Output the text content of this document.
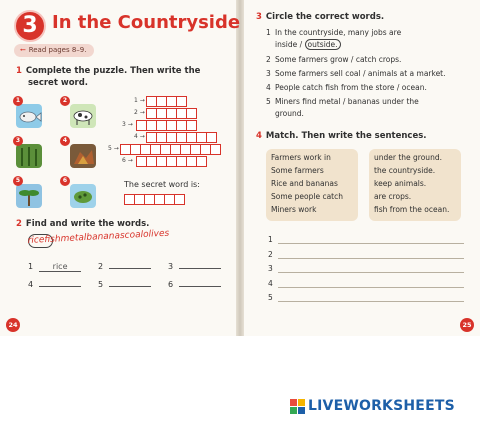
3 In the Countryside
🠀 Read pages 8–9.
1 Complete the puzzle. Then write the
secret word.
1	2
3	4
5	6
1 →
2 →
3 →
4 →
5 →
6 →
The secret word is:
2 Find and write the words.
ricefishmetalbananascoalolives
1 rice	2	3
4	5	6
24
3 Circle the correct words.
1 In the countryside, many jobs are
inside / outside.
2 Some farmers grow / catch crops.
3 Some farmers sell coal / animals at a market.
4 People catch fish from the store / ocean.
5 Miners find metal / bananas under the
ground.
4 Match. Then write the sentences.
Farmers work in
Some farmers
Rice and bananas
Some people catch
Miners work
under the ground.
the countryside.
keep animals.
are crops.
fish from the ocean.
1
2
3
4
5
25
LIVEWORKSHEETS
